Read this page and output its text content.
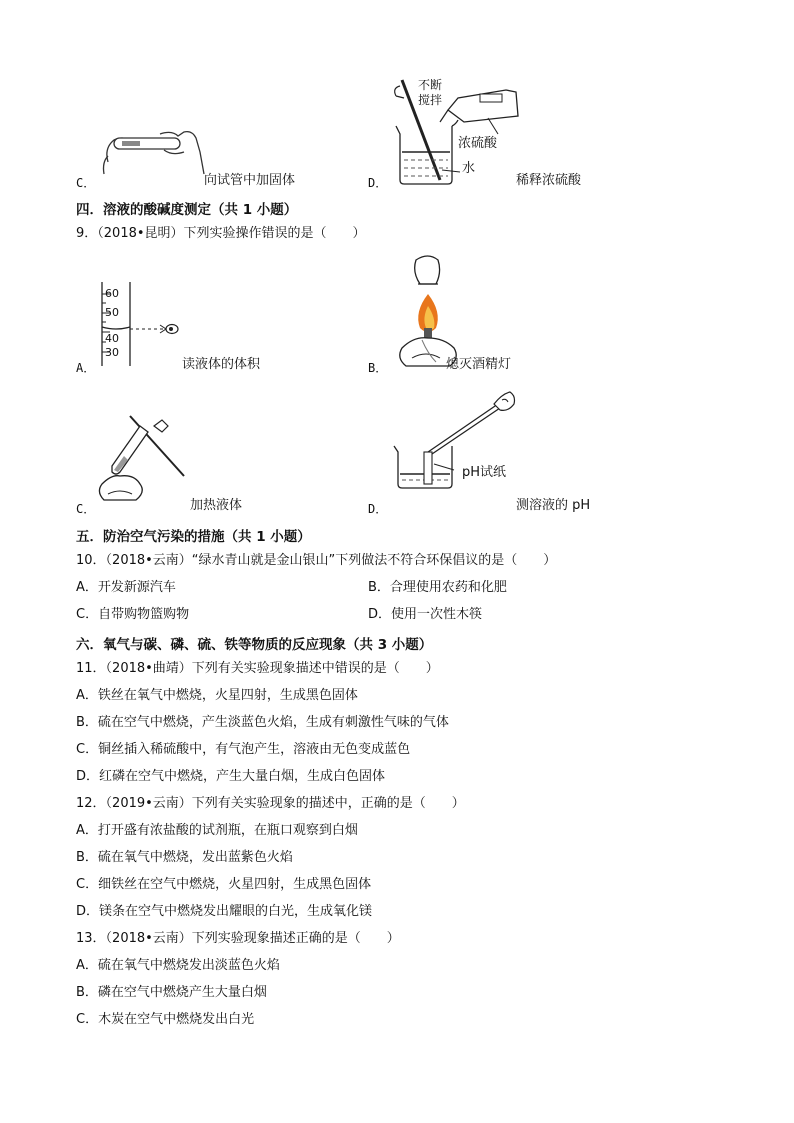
C．	向试管中加固体
不断
搅拌
浓硫酸
水
D．	稀释浓硫酸
四．溶液的酸碱度测定（共 1 小题）
9．（2018•昆明）下列实验操作错误的是（　　）
60
50
40
30
A．	读液体的体积	B．	熄灭酒精灯
C．	加热液体
pH试纸
D．	测溶液的 pH
五．防治空气污染的措施（共 1 小题）
10．（2018•云南）“绿水青山就是金山银山”下列做法不符合环保倡议的是（　　）
A．开发新源汽车	B．合理使用农药和化肥
C．自带购物篮购物	D．使用一次性木筷
六．氧气与碳、磷、硫、铁等物质的反应现象（共 3 小题）
11．（2018•曲靖）下列有关实验现象描述中错误的是（　　）
A．铁丝在氧气中燃烧，火星四射，生成黑色固体
B．硫在空气中燃烧，产生淡蓝色火焰，生成有刺激性气味的气体
C．铜丝插入稀硫酸中，有气泡产生，溶液由无色变成蓝色
D．红磷在空气中燃烧，产生大量白烟，生成白色固体
12．（2019•云南）下列有关实验现象的描述中，正确的是（　　）
A．打开盛有浓盐酸的试剂瓶，在瓶口观察到白烟
B．硫在氧气中燃烧，发出蓝紫色火焰
C．细铁丝在空气中燃烧，火星四射，生成黑色固体
D．镁条在空气中燃烧发出耀眼的白光，生成氧化镁
13．（2018•云南）下列实验现象描述正确的是（　　）
A．硫在氧气中燃烧发出淡蓝色火焰
B．磷在空气中燃烧产生大量白烟
C．木炭在空气中燃烧发出白光
